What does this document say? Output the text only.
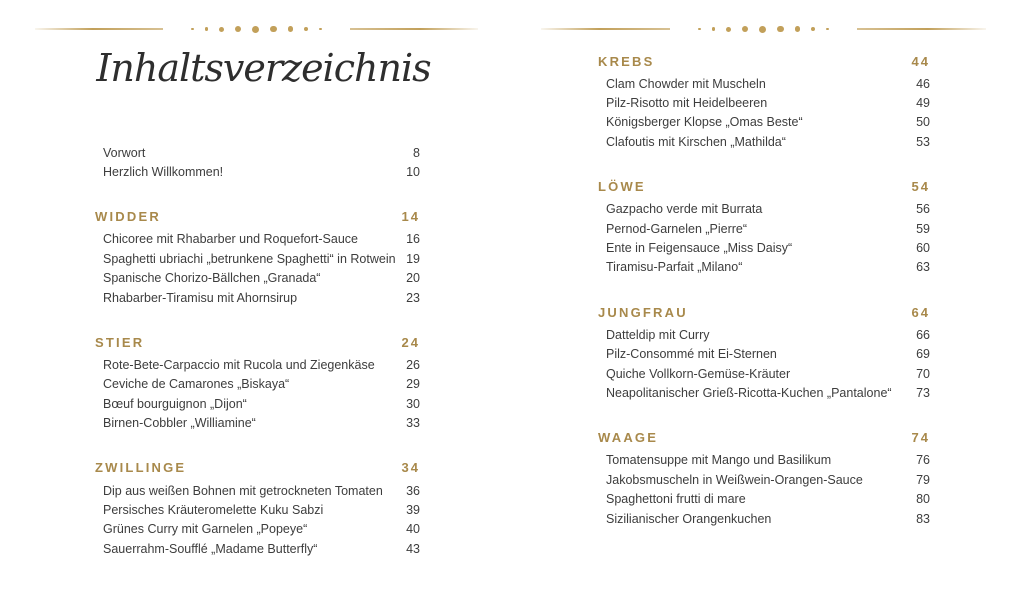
Inhaltsverzeichnis
Vorwort	8
Herzlich Willkommen!	10
WIDDER	14
Chicoree mit Rhabarber und Roquefort-Sauce	16
Spaghetti ubriachi „betrunkene Spaghetti“ in Rotwein 19
Spanische Chorizo-Bällchen „Granada“	20
Rhabarber-Tiramisu mit Ahornsirup	23
STIER	24
Rote-Bete-Carpaccio mit Rucola und Ziegenkäse	26
Ceviche de Camarones „Biskaya“	29
Bœuf bourguignon „Dijon“	30
Birnen-Cobbler „Williamine“	33
ZWILLINGE	34
Dip aus weißen Bohnen mit getrockneten Tomaten 36
Persisches Kräuteromelette Kuku Sabzi	39
Grünes Curry mit Garnelen „Popeye“	40
Sauerrahm-Soufflé „Madame Butterfly“	43
KREBS	44
Clam Chowder mit Muscheln	46
Pilz-Risotto mit Heidelbeeren	49
Königsberger Klopse „Omas Beste“	50
Clafoutis mit Kirschen „Mathilda“	53
LÖWE	54
Gazpacho verde mit Burrata	56
Pernod-Garnelen „Pierre“	59
Ente in Feigensauce „Miss Daisy“	60
Tiramisu-Parfait „Milano“	63
JUNGFRAU	64
Datteldip mit Curry	66
Pilz-Consommé mit Ei-Sternen	69
Quiche Vollkorn-Gemüse-Kräuter	70
Neapolitanischer Grieß-Ricotta-Kuchen „Pantalone“ 73
WAAGE	74
Tomatensuppe mit Mango und Basilikum	76
Jakobsmuscheln in Weißwein-Orangen-Sauce	79
Spaghettoni frutti di mare	80
Sizilianischer Orangenkuchen	83
